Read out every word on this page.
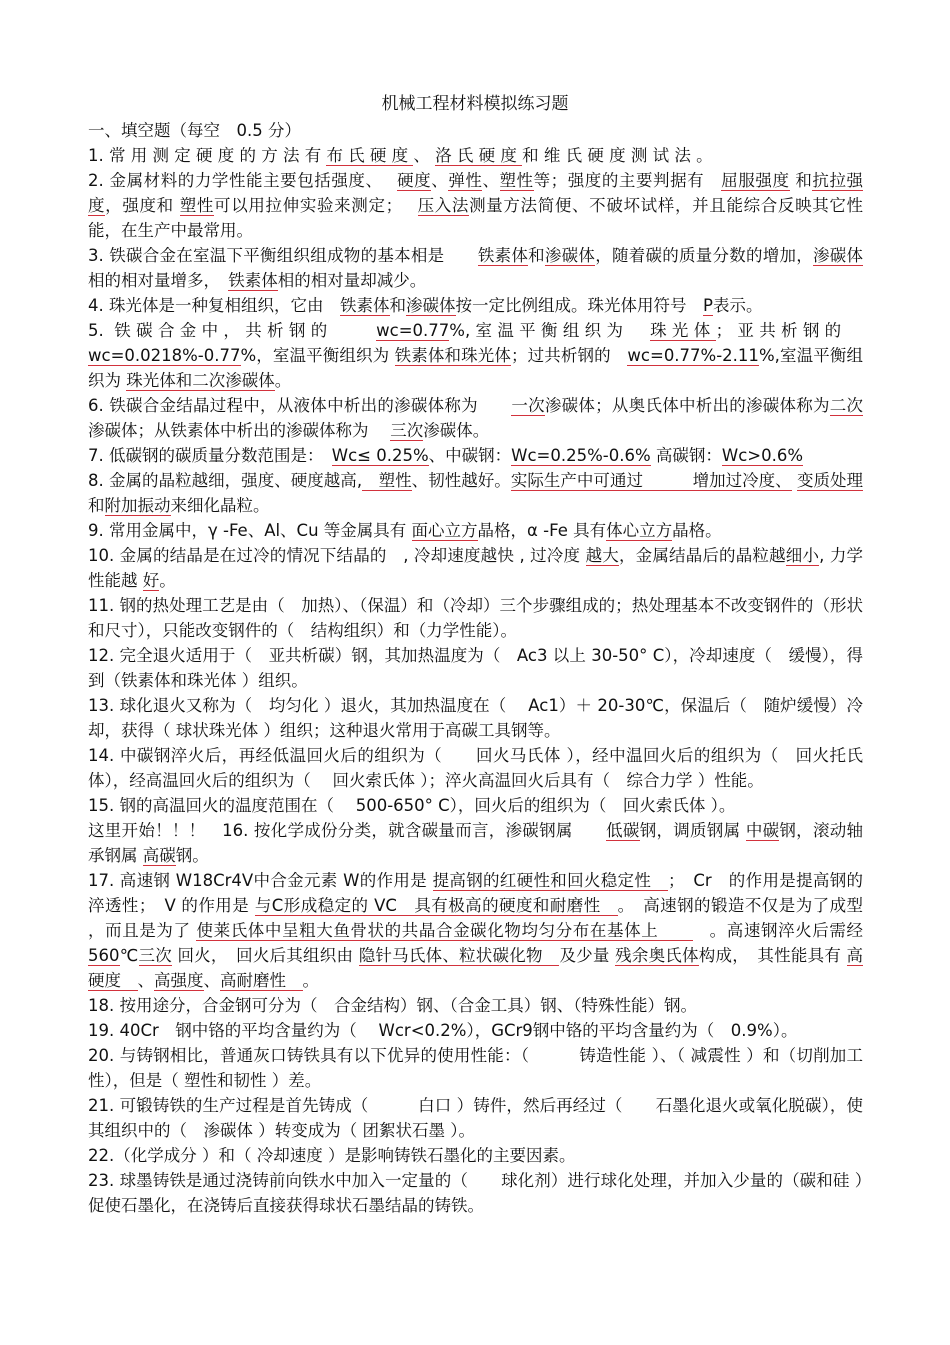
机械工程材料模拟练习题

一、填空题（每空　0.5 分）

1. 常 用 测 定 硬 度 的 方 法 有 布 氏 硬 度 、 洛 氏 硬 度 和 维 氏 硬 度 测 试 法 。

2. 金属材料的力学性能主要包括强度、　 硬度、弹性、塑性等；强度的主要判据有　屈服强度 和抗拉强度，强度和 塑性可以用拉伸实验来测定；　 压入法测量方法简便、不破坏试样，并且能综合反映其它性能，在生产中最常用。

3. 铁碳合金在室温下平衡组织组成物的基本相是　　铁素体和渗碳体，随着碳的质量分数的增加，渗碳体相的相对量增多，　铁素体相的相对量却减少。

4. 珠光体是一种复相组织，它由　铁素体和渗碳体按一定比例组成。珠光体用符号　P表示。

5. 铁碳合金中，共析钢的　　wc=0.77%,室温平衡组织为　珠光体；亚共析钢的　 wc=0.0218%-0.77%，室温平衡组织为 铁素体和珠光体；过共析钢的　wc=0.77%-2.11%,室温平衡组织为 珠光体和二次渗碳体。

6. 铁碳合金结晶过程中，从液体中析出的渗碳体称为　　一次渗碳体；从奥氏体中析出的渗碳体称为二次渗碳体；从铁素体中析出的渗碳体称为　 三次渗碳体。

7. 低碳钢的碳质量分数范围是：　Wc≤ 0.25%、中碳钢：Wc=0.25%-0.6% 高碳钢：Wc>0.6%

8. 金属的晶粒越细，强度、硬度越高,　塑性、韧性越好。实际生产中可通过　　　增加过冷度、 变质处理和附加振动来细化晶粒。

9. 常用金属中，γ -Fe、Al、Cu 等金属具有 面心立方晶格，α -Fe 具有体心立方晶格。

10. 金属的结晶是在过冷的情况下结晶的　, 冷却速度越快 , 过冷度 越大，金属结晶后的晶粒越细小, 力学性能越 好。

11. 钢的热处理工艺是由（　加热）、（保温）和（冷却）三个步骤组成的；热处理基本不改变钢件的（形状和尺寸），只能改变钢件的（　结构组织）和（力学性能）。

12. 完全退火适用于（　亚共析碳）钢，其加热温度为（　Ac3 以上 30-50° C），冷却速度（　缓慢），得到（铁素体和珠光体 ）组织。

13. 球化退火又称为（　均匀化 ）退火，其加热温度在（　 Ac1）＋ 20-30℃，保温后（　随炉缓慢）冷却，获得（ 球状珠光体 ）组织；这种退火常用于高碳工具钢等。

14. 中碳钢淬火后，再经低温回火后的组织为（　　回火马氏体 ），经中温回火后的组织为（　回火托氏体），经高温回火后的组织为（　 回火索氏体 ）；淬火高温回火后具有（　综合力学 ）性能。

15. 钢的高温回火的温度范围在（　 500-650° C），回火后的组织为（　回火索氏体 ）。

这里开始！！！　16. 按化学成份分类，就含碳量而言，渗碳钢属　　低碳钢，调质钢属 中碳钢，滚动轴承钢属 高碳钢。

17. 高速钢 W18Cr4V中合金元素 W的作用是 提高钢的红硬性和回火稳定性　；　Cr　的作用是提高钢的淬透性；　V 的作用是 与C形成稳定的 VC　具有极高的硬度和耐磨性　。　高速钢的锻造不仅是为了成型 ，而且是为了 使莱氏体中呈粗大鱼骨状的共晶合金碳化物均匀分布在基体上　　　。高速钢淬火后需经　560℃三次 回火，　回火后其组织由 隐针马氏体、粒状碳化物　及少量 残余奥氏体构成，　其性能具有 高硬度　、高强度、高耐磨性　。

18. 按用途分，合金钢可分为（　合金结构）钢、（合金工具）钢、（特殊性能）钢。

19. 40Cr　钢中铬的平均含量约为（　 Wcr<0.2%），GCr9钢中铬的平均含量约为（　0.9%）。

20. 与铸钢相比，普通灰口铸铁具有以下优异的使用性能：（　　　铸造性能 ）、（ 减震性 ）和（切削加工性），但是（ 塑性和韧性 ）差。

21. 可锻铸铁的生产过程是首先铸成（　　　白口 ）铸件，然后再经过（　　石墨化退火或氧化脱碳），使其组织中的（　渗碳体 ）转变成为（ 团絮状石墨 ）。

22.（化学成分 ）和（ 冷却速度 ）是影响铸铁石墨化的主要因素。

23. 球墨铸铁是通过浇铸前向铁水中加入一定量的（　　球化剂）进行球化处理，并加入少量的（碳和硅 ）促使石墨化，在浇铸后直接获得球状石墨结晶的铸铁。
